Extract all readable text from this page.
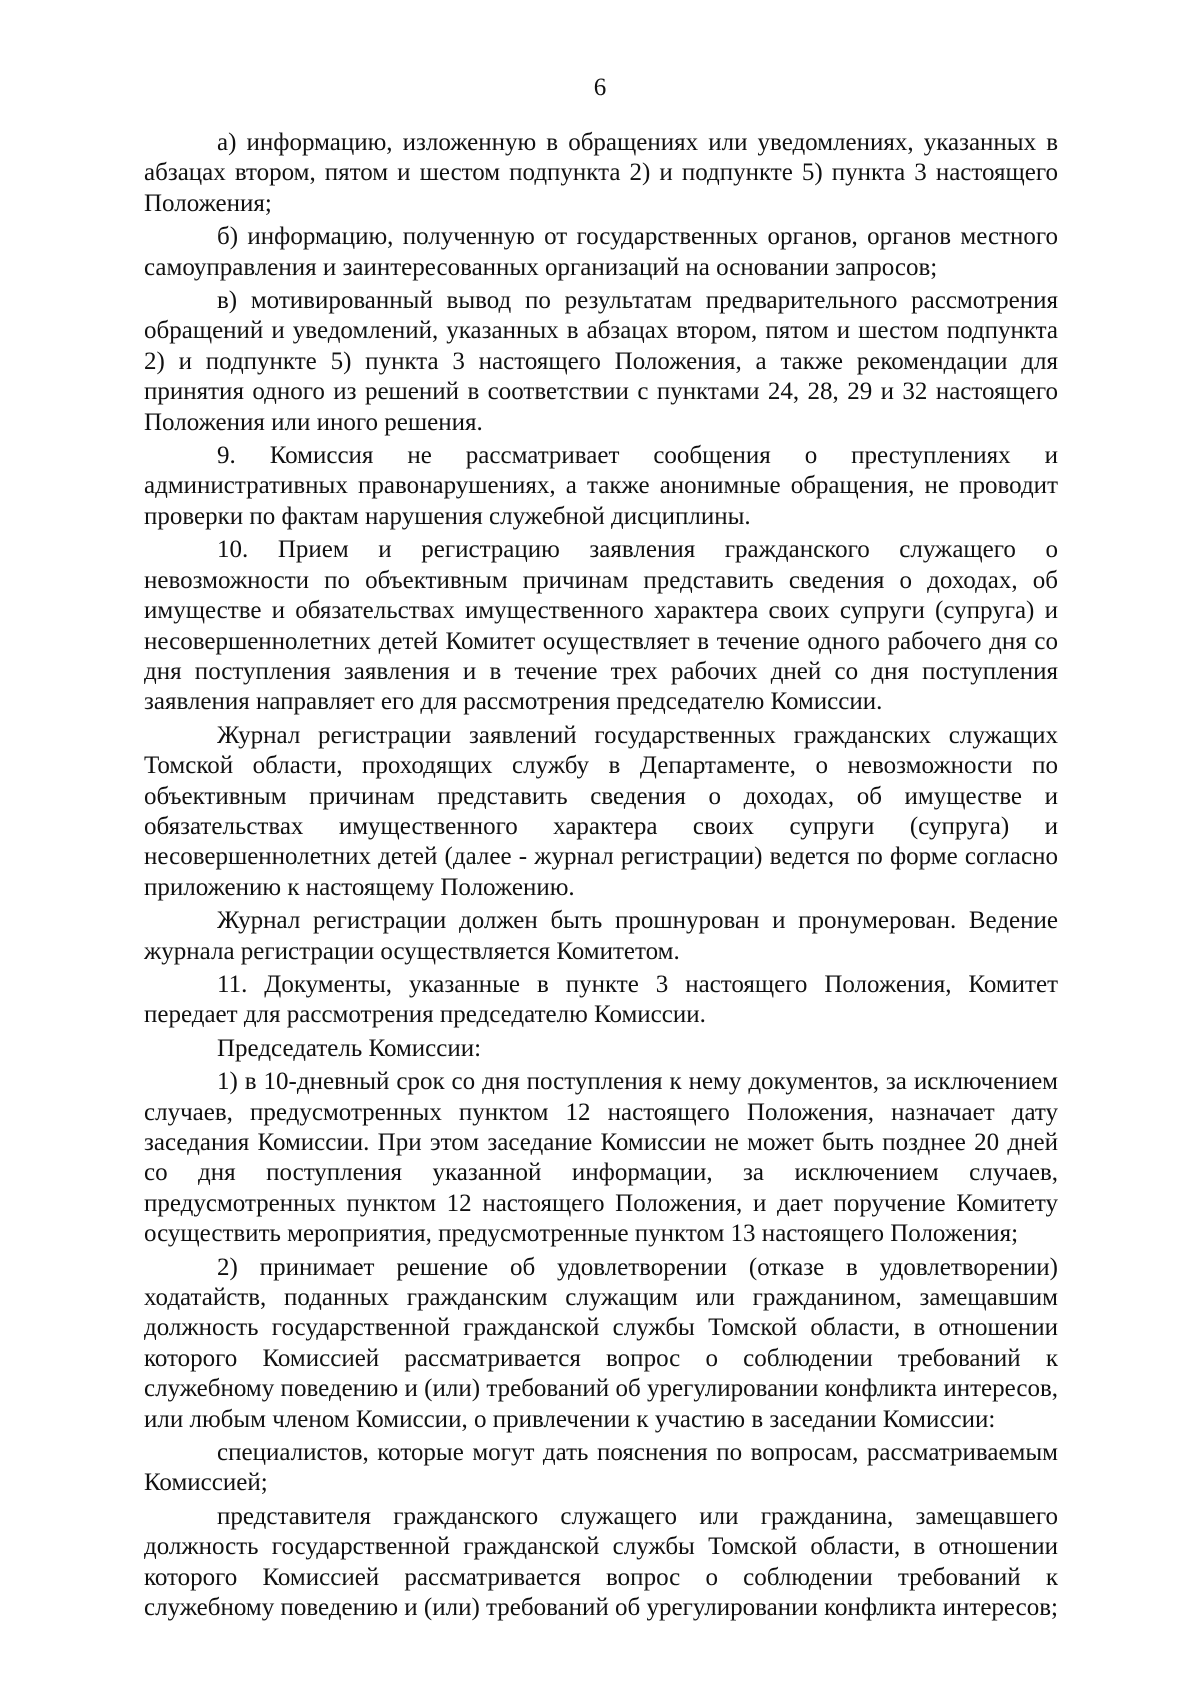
6

а) информацию, изложенную в обращениях или уведомлениях, указанных в абзацах втором, пятом и шестом подпункта 2) и подпункте 5) пункта 3 настоящего Положения;

б) информацию, полученную от государственных органов, органов местного самоуправления и заинтересованных организаций на основании запросов;

в) мотивированный вывод по результатам предварительного рассмотрения обращений и уведомлений, указанных в абзацах втором, пятом и шестом подпункта 2) и подпункте 5) пункта 3 настоящего Положения, а также рекомендации для принятия одного из решений в соответствии с пунктами 24, 28, 29 и 32 настоящего Положения или иного решения.

9. Комиссия не рассматривает сообщения о преступлениях и административных правонарушениях, а также анонимные обращения, не проводит проверки по фактам нарушения служебной дисциплины.

10. Прием и регистрацию заявления гражданского служащего о невозможности по объективным причинам представить сведения о доходах, об имуществе и обязательствах имущественного характера своих супруги (супруга) и несовершеннолетних детей Комитет осуществляет в течение одного рабочего дня со дня поступления заявления и в течение трех рабочих дней со дня поступления заявления направляет его для рассмотрения председателю Комиссии.

Журнал регистрации заявлений государственных гражданских служащих Томской области, проходящих службу в Департаменте, о невозможности по объективным причинам представить сведения о доходах, об имуществе и обязательствах имущественного характера своих супруги (супруга) и несовершеннолетних детей (далее - журнал регистрации) ведется по форме согласно приложению к настоящему Положению.

Журнал регистрации должен быть прошнурован и пронумерован. Ведение журнала регистрации осуществляется Комитетом.

11. Документы, указанные в пункте 3 настоящего Положения, Комитет передает для рассмотрения председателю Комиссии.

Председатель Комиссии:

1) в 10-дневный срок со дня поступления к нему документов, за исключением случаев, предусмотренных пунктом 12 настоящего Положения, назначает дату заседания Комиссии. При этом заседание Комиссии не может быть позднее 20 дней со дня поступления указанной информации, за исключением случаев, предусмотренных пунктом 12 настоящего Положения, и дает поручение Комитету осуществить мероприятия, предусмотренные пунктом 13 настоящего Положения;

2) принимает решение об удовлетворении (отказе в удовлетворении) ходатайств, поданных гражданским служащим или гражданином, замещавшим должность государственной гражданской службы Томской области, в отношении которого Комиссией рассматривается вопрос о соблюдении требований к служебному поведению и (или) требований об урегулировании конфликта интересов, или любым членом Комиссии, о привлечении к участию в заседании Комиссии:

специалистов, которые могут дать пояснения по вопросам, рассматриваемым Комиссией;

представителя гражданского служащего или гражданина, замещавшего должность государственной гражданской службы Томской области, в отношении которого Комиссией рассматривается вопрос о соблюдении требований к служебному поведению и (или) требований об урегулировании конфликта интересов;
